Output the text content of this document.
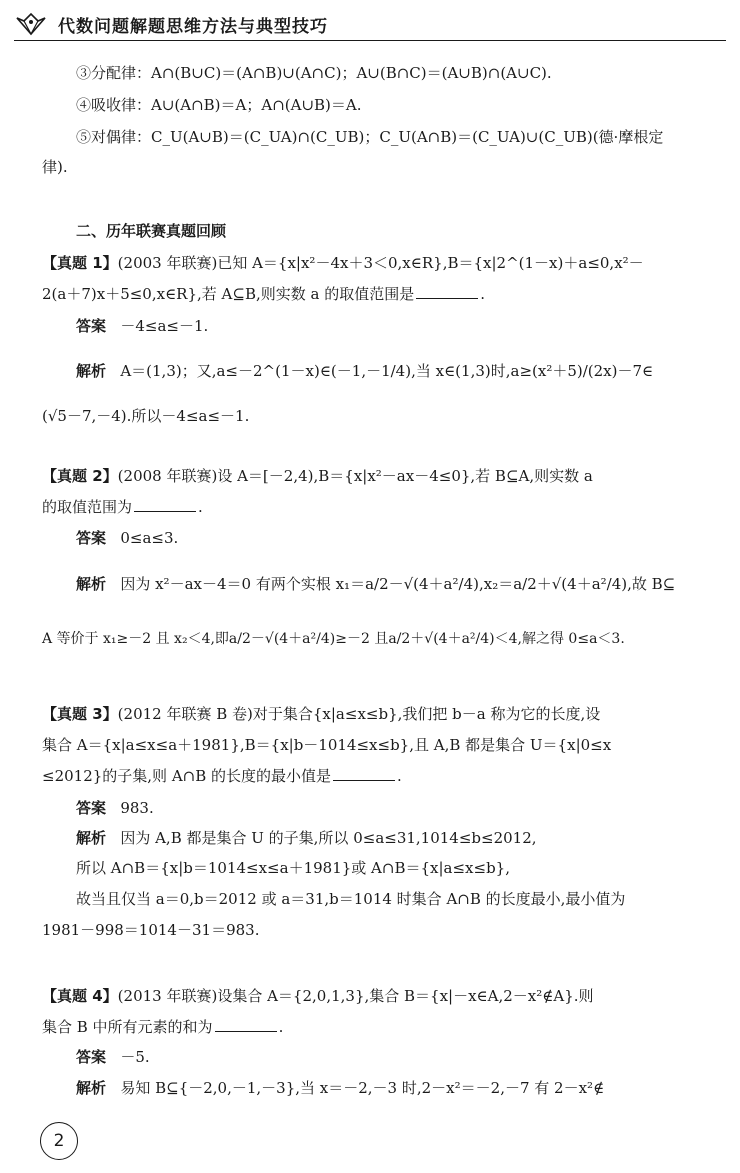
代数问题解题思维方法与典型技巧
③分配律：A∩(B∪C)＝(A∩B)∪(A∩C)；A∪(B∩C)＝(A∪B)∩(A∪C).
④吸收律：A∪(A∩B)＝A；A∩(A∪B)＝A.
⑤对偶律：C_U(A∪B)＝(C_UA)∩(C_UB)；C_U(A∩B)＝(C_UA)∪(C_UB)(德·摩根定
律).
二、历年联赛真题回顾
【真题 1】(2003 年联赛)已知 A＝{x|x²－4x＋3＜0,x∈R},B＝{x|2^(1－x)＋a≤0,x²－
2(a＋7)x＋5≤0,x∈R},若 A⊆B,则实数 a 的取值范围是	.
答案 －4≤a≤－1.
解析 A＝(1,3)；又,a≤－2^(1－x)∈(－1,－1/4),当 x∈(1,3)时,a≥(x²＋5)/(2x)－7∈
(√5－7,－4).所以－4≤a≤－1.
【真题 2】(2008 年联赛)设 A＝[－2,4),B＝{x|x²－ax－4≤0},若 B⊆A,则实数 a
的取值范围为	.
答案 0≤a≤3.
解析 因为 x²－ax－4＝0 有两个实根 x₁＝a/2－√(4＋a²/4),x₂＝a/2＋√(4＋a²/4),故 B⊆
A 等价于 x₁≥－2 且 x₂＜4,即a/2－√(4＋a²/4)≥－2 且a/2＋√(4＋a²/4)＜4,解之得 0≤a＜3.
【真题 3】(2012 年联赛 B 卷)对于集合{x|a≤x≤b},我们把 b－a 称为它的长度,设
集合 A＝{x|a≤x≤a＋1981},B＝{x|b－1014≤x≤b},且 A,B 都是集合 U＝{x|0≤x
≤2012}的子集,则 A∩B 的长度的最小值是	.
答案 983.
解析 因为 A,B 都是集合 U 的子集,所以 0≤a≤31,1014≤b≤2012,
所以 A∩B＝{x|b＝1014≤x≤a＋1981}或 A∩B＝{x|a≤x≤b},
故当且仅当 a＝0,b＝2012 或 a＝31,b＝1014 时集合 A∩B 的长度最小,最小值为
1981－998＝1014－31＝983.
【真题 4】(2013 年联赛)设集合 A＝{2,0,1,3},集合 B＝{x|－x∈A,2－x²∉A}.则
集合 B 中所有元素的和为	.
答案 －5.
解析 易知 B⊆{－2,0,－1,－3},当 x＝－2,－3 时,2－x²＝－2,－7 有 2－x²∉
2
